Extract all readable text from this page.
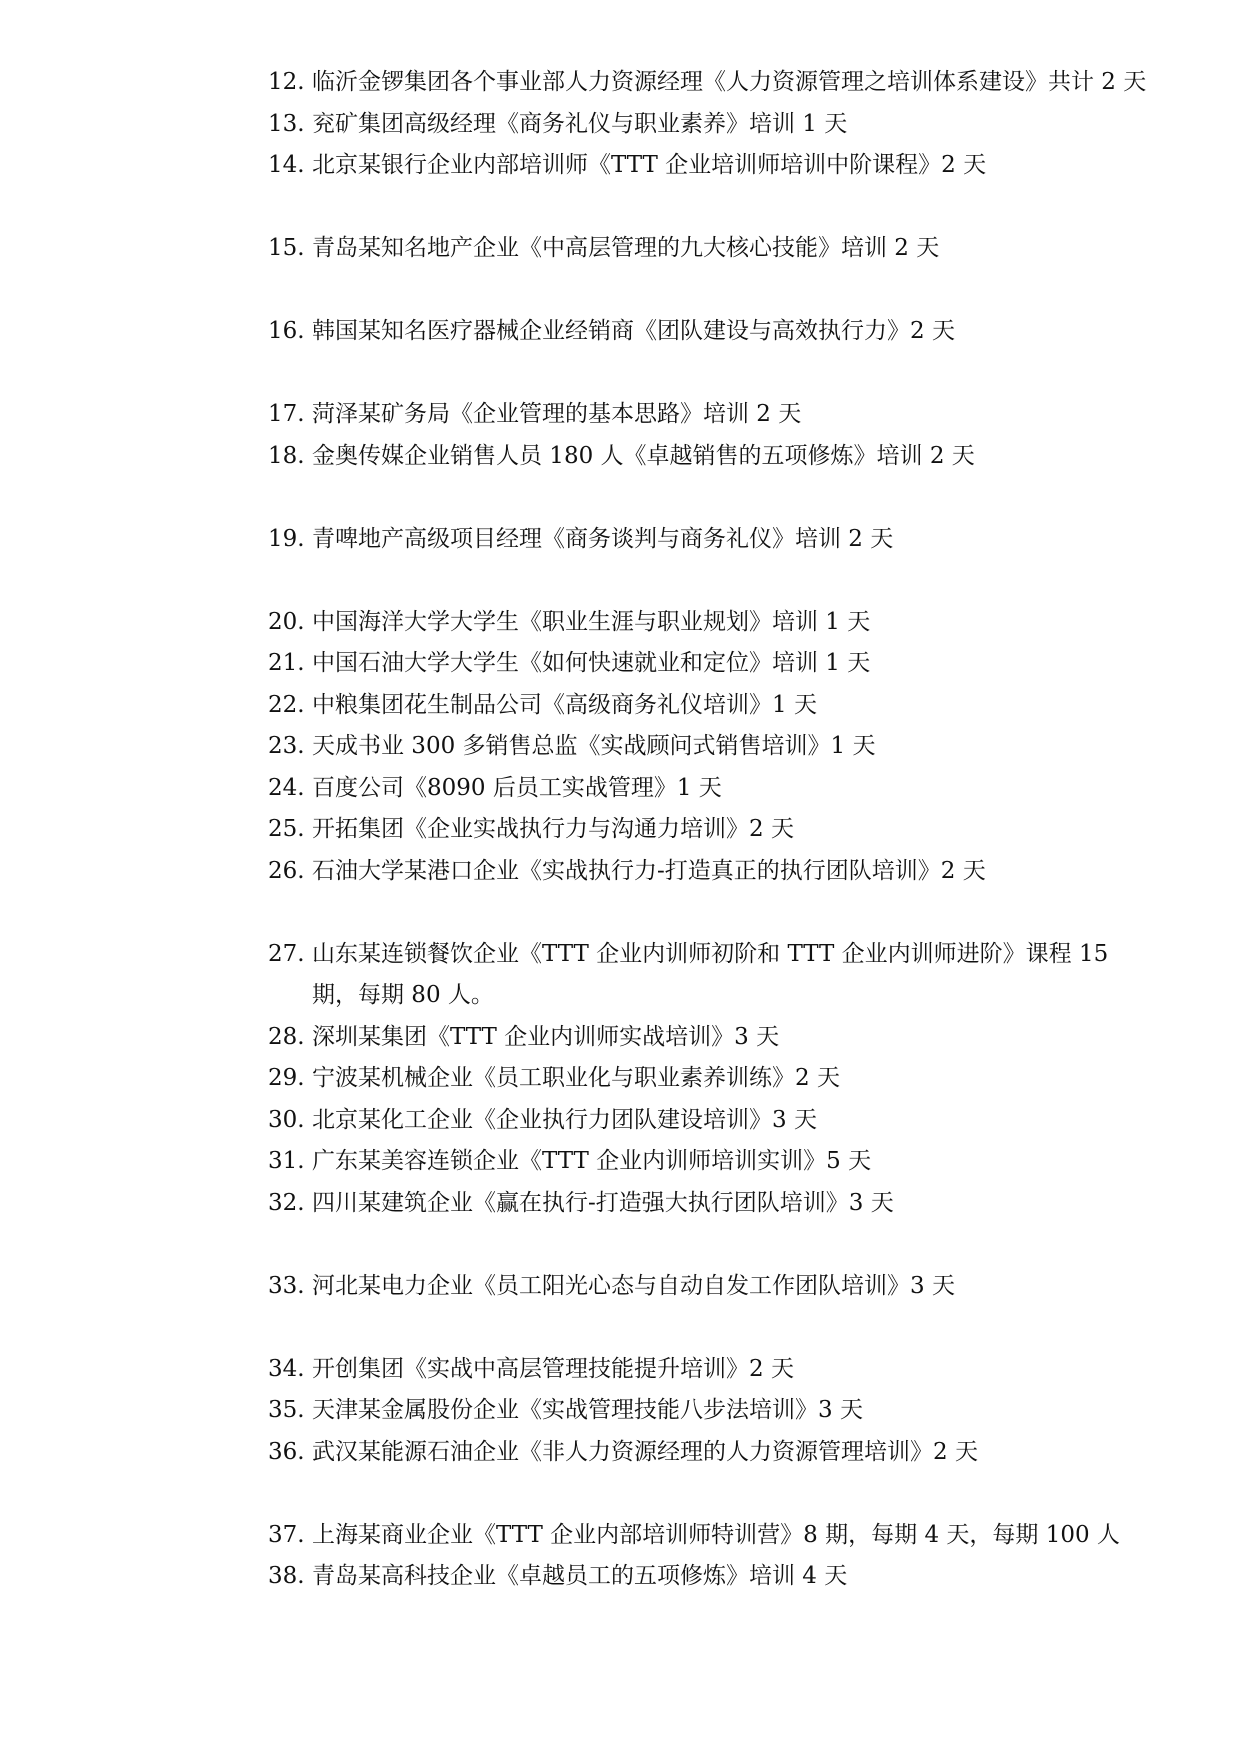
12. 临沂金锣集团各个事业部人力资源经理《人力资源管理之培训体系建设》共计 2 天
13. 兖矿集团高级经理《商务礼仪与职业素养》培训 1 天
14. 北京某银行企业内部培训师《TTT 企业培训师培训中阶课程》2 天
15. 青岛某知名地产企业《中高层管理的九大核心技能》培训 2 天
16. 韩国某知名医疗器械企业经销商《团队建设与高效执行力》2 天
17. 菏泽某矿务局《企业管理的基本思路》培训 2 天
18. 金奥传媒企业销售人员 180 人《卓越销售的五项修炼》培训 2 天
19. 青啤地产高级项目经理《商务谈判与商务礼仪》培训 2 天
20. 中国海洋大学大学生《职业生涯与职业规划》培训 1 天
21. 中国石油大学大学生《如何快速就业和定位》培训 1 天
22. 中粮集团花生制品公司《高级商务礼仪培训》1 天
23. 天成书业 300 多销售总监《实战顾问式销售培训》1 天
24. 百度公司《8090 后员工实战管理》1 天
25. 开拓集团《企业实战执行力与沟通力培训》2 天
26. 石油大学某港口企业《实战执行力-打造真正的执行团队培训》2 天
27. 山东某连锁餐饮企业《TTT 企业内训师初阶和 TTT 企业内训师进阶》课程 15 期，每期 80 人。
28. 深圳某集团《TTT 企业内训师实战培训》3 天
29. 宁波某机械企业《员工职业化与职业素养训练》2 天
30. 北京某化工企业《企业执行力团队建设培训》3 天
31. 广东某美容连锁企业《TTT 企业内训师培训实训》5 天
32. 四川某建筑企业《赢在执行-打造强大执行团队培训》3 天
33. 河北某电力企业《员工阳光心态与自动自发工作团队培训》3 天
34. 开创集团《实战中高层管理技能提升培训》2 天
35. 天津某金属股份企业《实战管理技能八步法培训》3 天
36. 武汉某能源石油企业《非人力资源经理的人力资源管理培训》2 天
37. 上海某商业企业《TTT 企业内部培训师特训营》8 期，每期 4 天，每期 100 人
38. 青岛某高科技企业《卓越员工的五项修炼》培训 4 天
